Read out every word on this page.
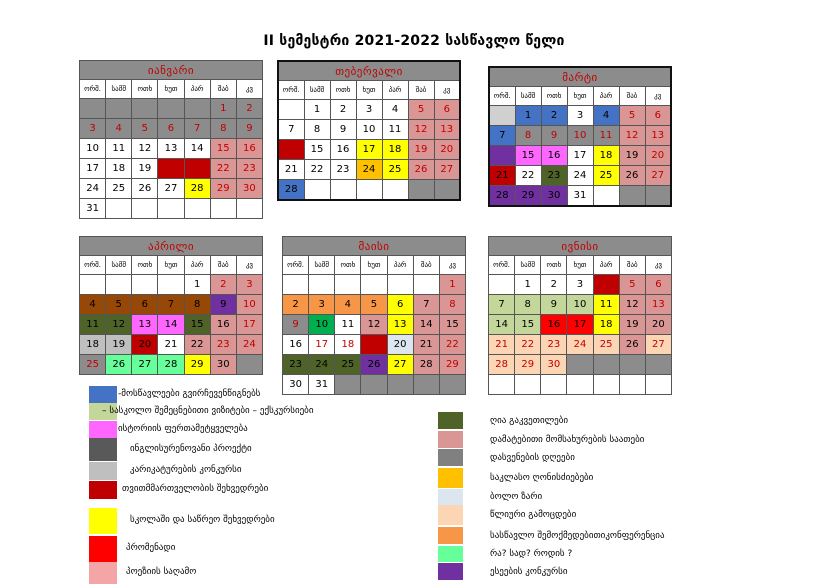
II სემესტრი 2021-2022 სასწავლო წელი
იანვარი						
ორშ.	სამშ	ოთხ	ხუთ	პარ	შაბ	კვ
					1	2
3	4	5	6	7	8	9
10	11	12	13	14	15	16
17	18	19	20	21	22	23
24	25	26	27	28	29	30
31						
თებერვალი						
ორშ.	სამშ	ოთხ	ხუთ	პარ	შაბ	კვ
	1	2	3	4	5	6
7	8	9	10	11	12	13
14	15	16	17	18	19	20
21	22	23	24	25	26	27
28						
მარტი						
ორშ.	სამშ	ოთხ	ხუთ	პარ	შაბ	კვ
	1	2	3	4	5	6
7	8	9	10	11	12	13
14	15	16	17	18	19	20
21	22	23	24	25	26	27
28	29	30	31			
აპრილი						
ორშ.	სამშ	ოთხ	ხუთ	პარ	შაბ	კვ
				1	2	3
4	5	6	7	8	9	10
11	12	13	14	15	16	17
18	19	20	21	22	23	24
25	26	27	28	29	30	
მაისი						
ორშ.	სამშ	ოთხ	ხუთ	პარ	შაბ	კვ
						1
2	3	4	5	6	7	8
9	10	11	12	13	14	15
16	17	18	19	20	21	22
23	24	25	26	27	28	29
30	31					
ივნისი						
ორშ.	სამშ	ოთხ	ხუთ	პარ	შაბ	კვ
	1	2	3	4	5	6
7	8	9	10	11	12	13
14	15	16	17	18	19	20
21	22	23	24	25	26	27
28	29	30				

-მოსწავლეები გვირჩევენწიგნებს
– სასკოლო შემეცნებითი ვიზიტები – ექსკურსიები
ისტორიის ფერთამეტყველება
ინგლისურენოვანი პროექტი
კარიკატურების კონკურსი
თვითმმართველობის შეხვედრები
სკოლაში და საწრეო შეხვედრები
პრომენადი
პოეზიის საღამო
ღია გაკვეთილები
დამატებითი მომსახურების საათები
დასვენების დღეები
საკლასო ღონისძიებები
ბოლო ზარი
წლიური გამოცდები
სასწავლო შემოქმედებითიკონფერენცია
რა? სად? როდის ?
ესეების კონკურსი
